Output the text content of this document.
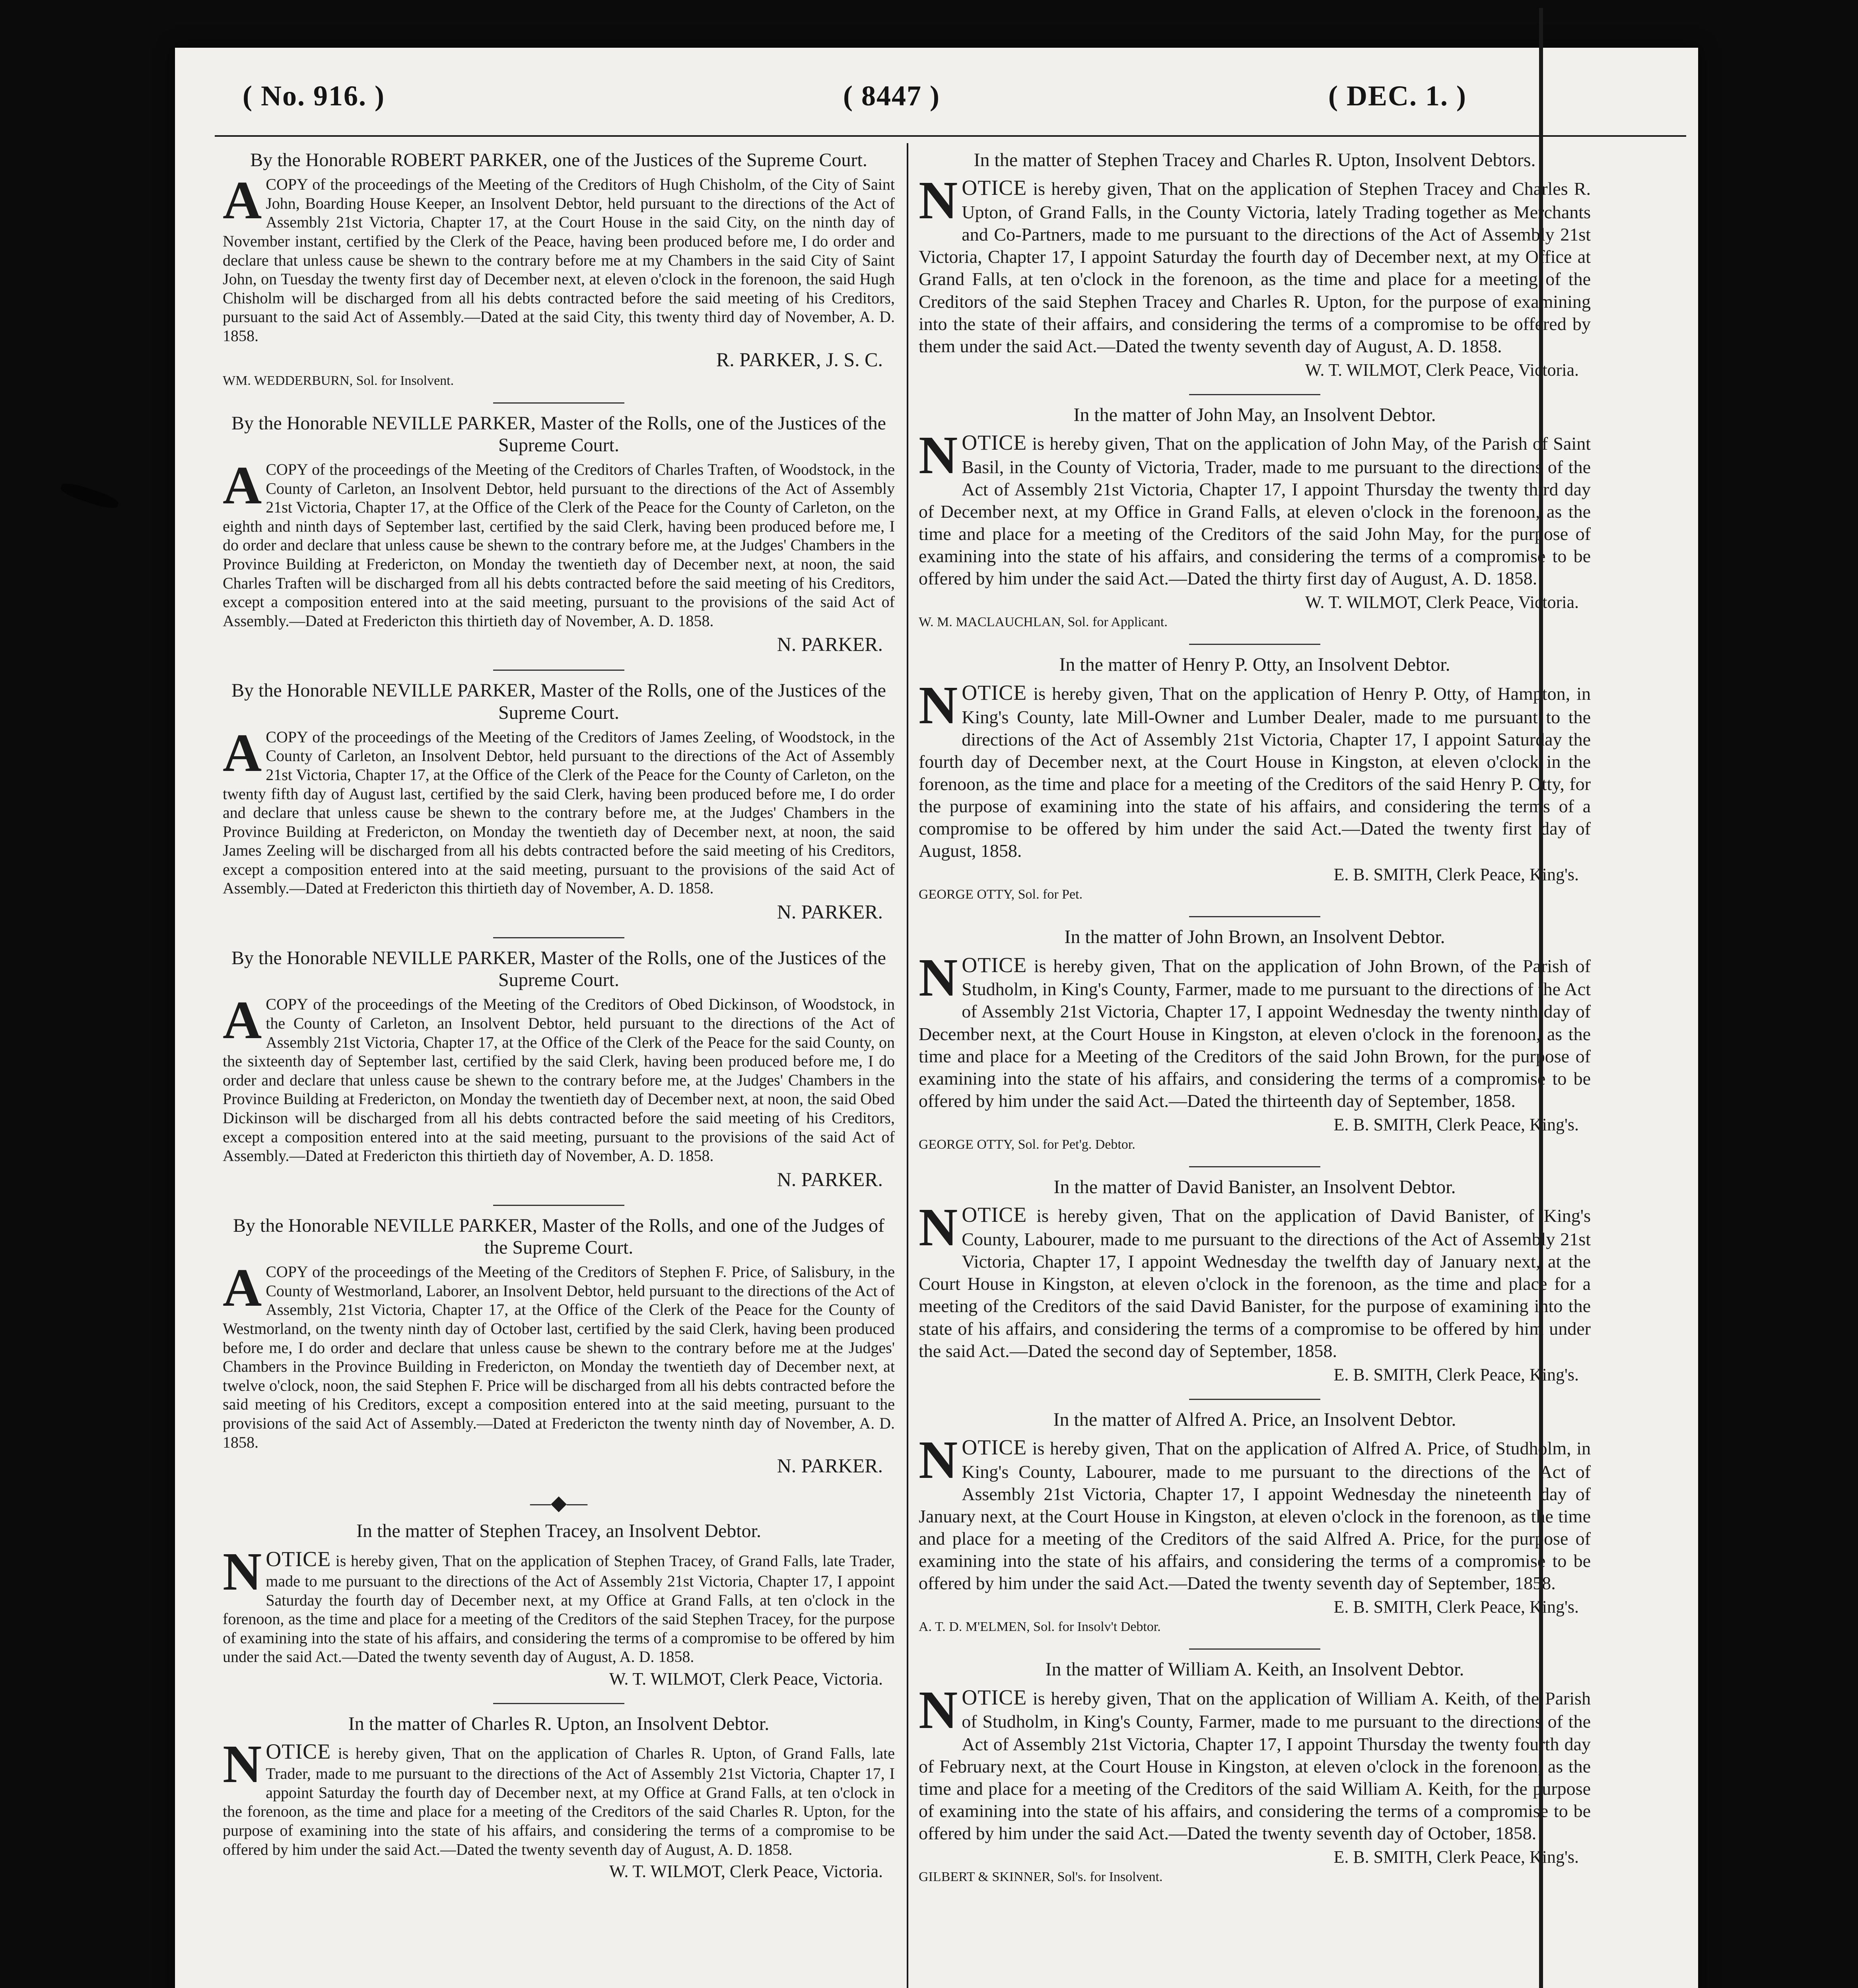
( No. 916. )	( 8447 )	( DEC. 1. )
By the Honorable ROBERT PARKER, one of the Justices of the Supreme Court.
ACOPY of the proceedings of the Meeting of the Creditors of Hugh Chisholm, of the City of Saint John, Boarding House Keeper, an Insolvent Debtor, held pursuant to the directions of the Act of Assembly 21st Victoria, Chapter 17, at the Court House in the said City, on the ninth day of November instant, certified by the Clerk of the Peace, having been produced before me, I do order and declare that unless cause be shewn to the contrary before me at my Chambers in the said City of Saint John, on Tuesday the twenty first day of December next, at eleven o'clock in the forenoon, the said Hugh Chisholm will be discharged from all his debts contracted before the said meeting of his Creditors, pursuant to the said Act of Assembly.—Dated at the said City, this twenty third day of November, A. D. 1858.
R. PARKER, J. S. C.
WM. WEDDERBURN, Sol. for Insolvent.
By the Honorable NEVILLE PARKER, Master of the Rolls, one of the Justices of the Supreme Court.
ACOPY of the proceedings of the Meeting of the Creditors of Charles Traften, of Woodstock, in the County of Carleton, an Insolvent Debtor, held pursuant to the directions of the Act of Assembly 21st Victoria, Chapter 17, at the Office of the Clerk of the Peace for the County of Carleton, on the eighth and ninth days of September last, certified by the said Clerk, having been produced before me, I do order and declare that unless cause be shewn to the contrary before me, at the Judges' Chambers in the Province Building at Fredericton, on Monday the twentieth day of December next, at noon, the said Charles Traften will be discharged from all his debts contracted before the said meeting of his Creditors, except a composition entered into at the said meeting, pursuant to the provisions of the said Act of Assembly.—Dated at Fredericton this thirtieth day of November, A. D. 1858.
N. PARKER.
By the Honorable NEVILLE PARKER, Master of the Rolls, one of the Justices of the Supreme Court.
ACOPY of the proceedings of the Meeting of the Creditors of James Zeeling, of Woodstock, in the County of Carleton, an Insolvent Debtor, held pursuant to the directions of the Act of Assembly 21st Victoria, Chapter 17, at the Office of the Clerk of the Peace for the County of Carleton, on the twenty fifth day of August last, certified by the said Clerk, having been produced before me, I do order and declare that unless cause be shewn to the contrary before me, at the Judges' Chambers in the Province Building at Fredericton, on Monday the twentieth day of December next, at noon, the said James Zeeling will be discharged from all his debts contracted before the said meeting of his Creditors, except a composition entered into at the said meeting, pursuant to the provisions of the said Act of Assembly.—Dated at Fredericton this thirtieth day of November, A. D. 1858.
N. PARKER.
By the Honorable NEVILLE PARKER, Master of the Rolls, one of the Justices of the Supreme Court.
ACOPY of the proceedings of the Meeting of the Creditors of Obed Dickinson, of Woodstock, in the County of Carleton, an Insolvent Debtor, held pursuant to the directions of the Act of Assembly 21st Victoria, Chapter 17, at the Office of the Clerk of the Peace for the said County, on the sixteenth day of September last, certified by the said Clerk, having been produced before me, I do order and declare that unless cause be shewn to the contrary before me, at the Judges' Chambers in the Province Building at Fredericton, on Monday the twentieth day of December next, at noon, the said Obed Dickinson will be discharged from all his debts contracted before the said meeting of his Creditors, except a composition entered into at the said meeting, pursuant to the provisions of the said Act of Assembly.—Dated at Fredericton this thirtieth day of November, A. D. 1858.
N. PARKER.
By the Honorable NEVILLE PARKER, Master of the Rolls, and one of the Judges of the Supreme Court.
ACOPY of the proceedings of the Meeting of the Creditors of Stephen F. Price, of Salisbury, in the County of Westmorland, Laborer, an Insolvent Debtor, held pursuant to the directions of the Act of Assembly, 21st Victoria, Chapter 17, at the Office of the Clerk of the Peace for the County of Westmorland, on the twenty ninth day of October last, certified by the said Clerk, having been produced before me, I do order and declare that unless cause be shewn to the contrary before me at the Judges' Chambers in the Province Building in Fredericton, on Monday the twentieth day of December next, at twelve o'clock, noon, the said Stephen F. Price will be discharged from all his debts contracted before the said meeting of his Creditors, except a composition entered into at the said meeting, pursuant to the provisions of the said Act of Assembly.—Dated at Fredericton the twenty ninth day of November, A. D. 1858.
N. PARKER.
—◆—
In the matter of Stephen Tracey, an Insolvent Debtor.
NOTICE is hereby given, That on the application of Stephen Tracey, of Grand Falls, late Trader, made to me pursuant to the directions of the Act of Assembly 21st Victoria, Chapter 17, I appoint Saturday the fourth day of December next, at my Office at Grand Falls, at ten o'clock in the forenoon, as the time and place for a meeting of the Creditors of the said Stephen Tracey, for the purpose of examining into the state of his affairs, and considering the terms of a compromise to be offered by him under the said Act.—Dated the twenty seventh day of August, A. D. 1858.
W. T. WILMOT, Clerk Peace, Victoria.
In the matter of Charles R. Upton, an Insolvent Debtor.
NOTICE is hereby given, That on the application of Charles R. Upton, of Grand Falls, late Trader, made to me pursuant to the directions of the Act of Assembly 21st Victoria, Chapter 17, I appoint Saturday the fourth day of December next, at my Office at Grand Falls, at ten o'clock in the forenoon, as the time and place for a meeting of the Creditors of the said Charles R. Upton, for the purpose of examining into the state of his affairs, and considering the terms of a compromise to be offered by him under the said Act.—Dated the twenty seventh day of August, A. D. 1858.
W. T. WILMOT, Clerk Peace, Victoria.
In the matter of Stephen Tracey and Charles R. Upton, Insolvent Debtors.
NOTICE is hereby given, That on the application of Stephen Tracey and Charles R. Upton, of Grand Falls, in the County Victoria, lately Trading together as Merchants and Co-Partners, made to me pursuant to the directions of the Act of Assembly 21st Victoria, Chapter 17, I appoint Saturday the fourth day of December next, at my Office at Grand Falls, at ten o'clock in the forenoon, as the time and place for a meeting of the Creditors of the said Stephen Tracey and Charles R. Upton, for the purpose of examining into the state of their affairs, and considering the terms of a compromise to be offered by them under the said Act.—Dated the twenty seventh day of August, A. D. 1858.
W. T. WILMOT, Clerk Peace, Victoria.
In the matter of John May, an Insolvent Debtor.
NOTICE is hereby given, That on the application of John May, of the Parish of Saint Basil, in the County of Victoria, Trader, made to me pursuant to the directions of the Act of Assembly 21st Victoria, Chapter 17, I appoint Thursday the twenty third day of December next, at my Office in Grand Falls, at eleven o'clock in the forenoon, as the time and place for a meeting of the Creditors of the said John May, for the purpose of examining into the state of his affairs, and considering the terms of a compromise to be offered by him under the said Act.—Dated the thirty first day of August, A. D. 1858.
W. T. WILMOT, Clerk Peace, Victoria.
W. M. MACLAUCHLAN, Sol. for Applicant.
In the matter of Henry P. Otty, an Insolvent Debtor.
NOTICE is hereby given, That on the application of Henry P. Otty, of Hampton, in King's County, late Mill-Owner and Lumber Dealer, made to me pursuant to the directions of the Act of Assembly 21st Victoria, Chapter 17, I appoint Saturday the fourth day of December next, at the Court House in Kingston, at eleven o'clock in the forenoon, as the time and place for a meeting of the Creditors of the said Henry P. Otty, for the purpose of examining into the state of his affairs, and considering the terms of a compromise to be offered by him under the said Act.—Dated the twenty first day of August, 1858.
E. B. SMITH, Clerk Peace, King's.
GEORGE OTTY, Sol. for Pet.
In the matter of John Brown, an Insolvent Debtor.
NOTICE is hereby given, That on the application of John Brown, of the Parish of Studholm, in King's County, Farmer, made to me pursuant to the directions of the Act of Assembly 21st Victoria, Chapter 17, I appoint Wednesday the twenty ninth day of December next, at the Court House in Kingston, at eleven o'clock in the forenoon, as the time and place for a Meeting of the Creditors of the said John Brown, for the purpose of examining into the state of his affairs, and considering the terms of a compromise to be offered by him under the said Act.—Dated the thirteenth day of September, 1858.
E. B. SMITH, Clerk Peace, King's.
GEORGE OTTY, Sol. for Pet'g. Debtor.
In the matter of David Banister, an Insolvent Debtor.
NOTICE is hereby given, That on the application of David Banister, of King's County, Labourer, made to me pursuant to the directions of the Act of Assembly 21st Victoria, Chapter 17, I appoint Wednesday the twelfth day of January next, at the Court House in Kingston, at eleven o'clock in the forenoon, as the time and place for a meeting of the Creditors of the said David Banister, for the purpose of examining into the state of his affairs, and considering the terms of a compromise to be offered by him under the said Act.—Dated the second day of September, 1858.
E. B. SMITH, Clerk Peace, King's.
In the matter of Alfred A. Price, an Insolvent Debtor.
NOTICE is hereby given, That on the application of Alfred A. Price, of Studholm, in King's County, Labourer, made to me pursuant to the directions of the Act of Assembly 21st Victoria, Chapter 17, I appoint Wednesday the nineteenth day of January next, at the Court House in Kingston, at eleven o'clock in the forenoon, as the time and place for a meeting of the Creditors of the said Alfred A. Price, for the purpose of examining into the state of his affairs, and considering the terms of a compromise to be offered by him under the said Act.—Dated the twenty seventh day of September, 1858.
E. B. SMITH, Clerk Peace, King's.
A. T. D. M'ELMEN, Sol. for Insolv't Debtor.
In the matter of William A. Keith, an Insolvent Debtor.
NOTICE is hereby given, That on the application of William A. Keith, of the Parish of Studholm, in King's County, Farmer, made to me pursuant to the directions of the Act of Assembly 21st Victoria, Chapter 17, I appoint Thursday the twenty fourth day of February next, at the Court House in Kingston, at eleven o'clock in the forenoon, as the time and place for a meeting of the Creditors of the said William A. Keith, for the purpose of examining into the state of his affairs, and considering the terms of a compromise to be offered by him under the said Act.—Dated the twenty seventh day of October, 1858.
E. B. SMITH, Clerk Peace, King's.
GILBERT & SKINNER, Sol's. for Insolvent.
